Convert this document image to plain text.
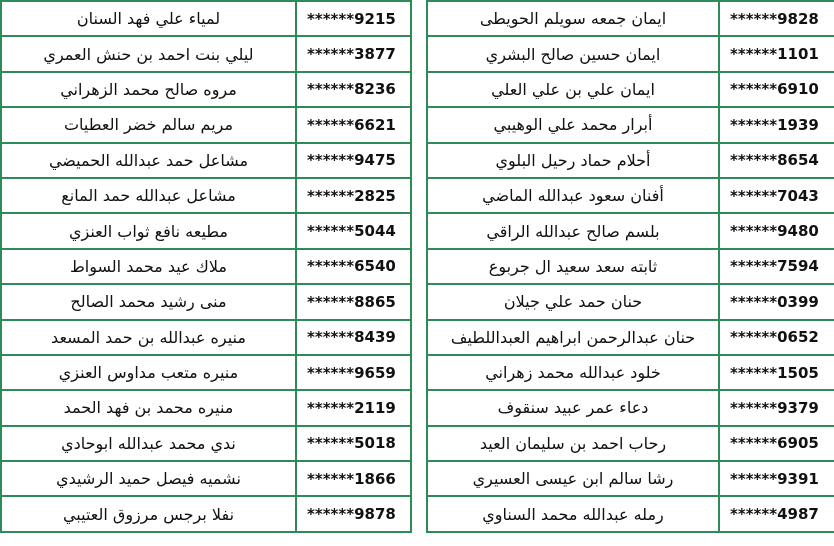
ايمان جمعه سويلم الحويطى	******9828
ايمان حسين صالح البشري	******1101
ايمان علي بن علي العلي	******6910
أبرار محمد علي الوهيبي	******1939
أحلام حماد رحيل البلوي	******8654
أفنان سعود عبدالله الماضي	******7043
بلسم صالح عبدالله الراقي	******9480
ثابته سعد سعيد ال جربوع	******7594
حنان حمد علي جيلان	******0399
حنان عبدالرحمن ابراهيم العبداللطيف	******0652
خلود عبدالله محمد زهراني	******1505
دعاء عمر عبيد سنقوف	******9379
رحاب احمد بن سليمان العيد	******6905
رشا سالم ابن عيسى العسيري	******9391
رمله عبدالله محمد السناوي	******4987
لمياء علي فهد السنان	******9215
ليلي بنت احمد بن حنش العمري	******3877
مروه صالح محمد الزهراني	******8236
مريم سالم خضر العطيات	******6621
مشاعل حمد عبدالله الحميضي	******9475
مشاعل عبدالله حمد المانع	******2825
مطيعه نافع ثواب العنزي	******5044
ملاك عيد محمد السواط	******6540
منى رشيد محمد الصالح	******8865
منيره عبدالله بن حمد المسعد	******8439
منيره متعب مداوس العنزي	******9659
منيره محمد بن فهد الحمد	******2119
ندي محمد عبدالله ابوحادي	******5018
نشميه فيصل حميد الرشيدي	******1866
نفلا برجس مرزوق العتيبي	******9878
